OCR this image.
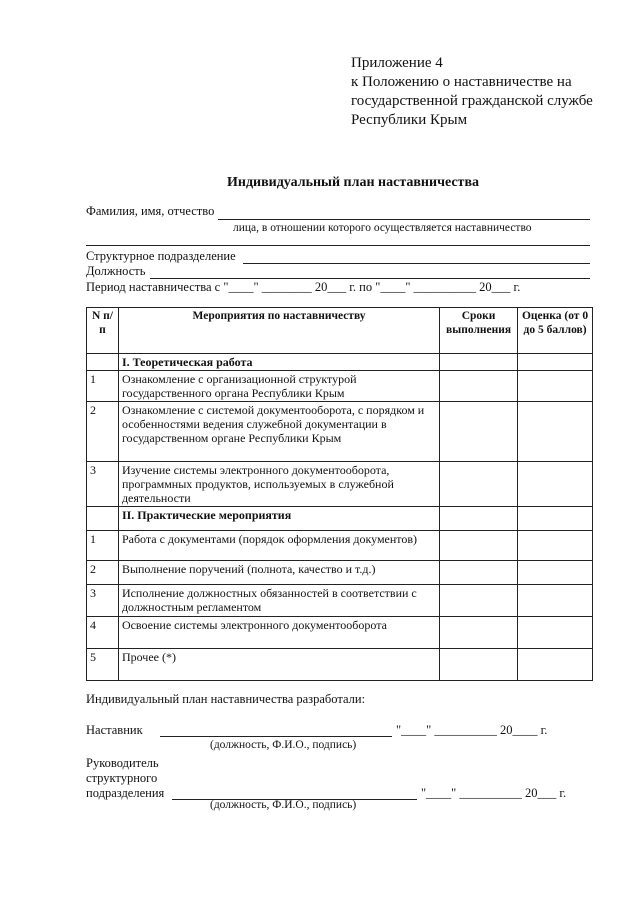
Приложение 4
к Положению о наставничестве на
государственной гражданской службе
Республики Крым
Индивидуальный план наставничества
Фамилия, имя, отчество
лица, в отношении которого осуществляется наставничество
Структурное подразделение
Должность
Период наставничества с "____" ________ 20___ г. по "____" __________ 20___ г.
N п/п	Мероприятия по наставничеству	Сроки выполнения	Оценка (от 0 до 5 баллов)
	I. Теоретическая работа		
1	Ознакомление с организационной структурой государственного органа Республики Крым		
2	Ознакомление с системой документооборота, с порядком и особенностями ведения служебной документации в государственном органе Республики Крым		
3	Изучение системы электронного документооборота, программных продуктов, используемых в служебной деятельности		
	II. Практические мероприятия		
1	Работа с документами (порядок оформления документов)		
2	Выполнение поручений (полнота, качество и т.д.)		
3	Исполнение должностных обязанностей в соответствии с должностным регламентом		
4	Освоение системы электронного документооборота		
5	Прочее (*)		
Индивидуальный план наставничества разработали:
Наставник	"____" __________ 20____ г.
(должность, Ф.И.О., подпись)
Руководитель
структурного
подразделения	"____" __________ 20___ г.
(должность, Ф.И.О., подпись)
